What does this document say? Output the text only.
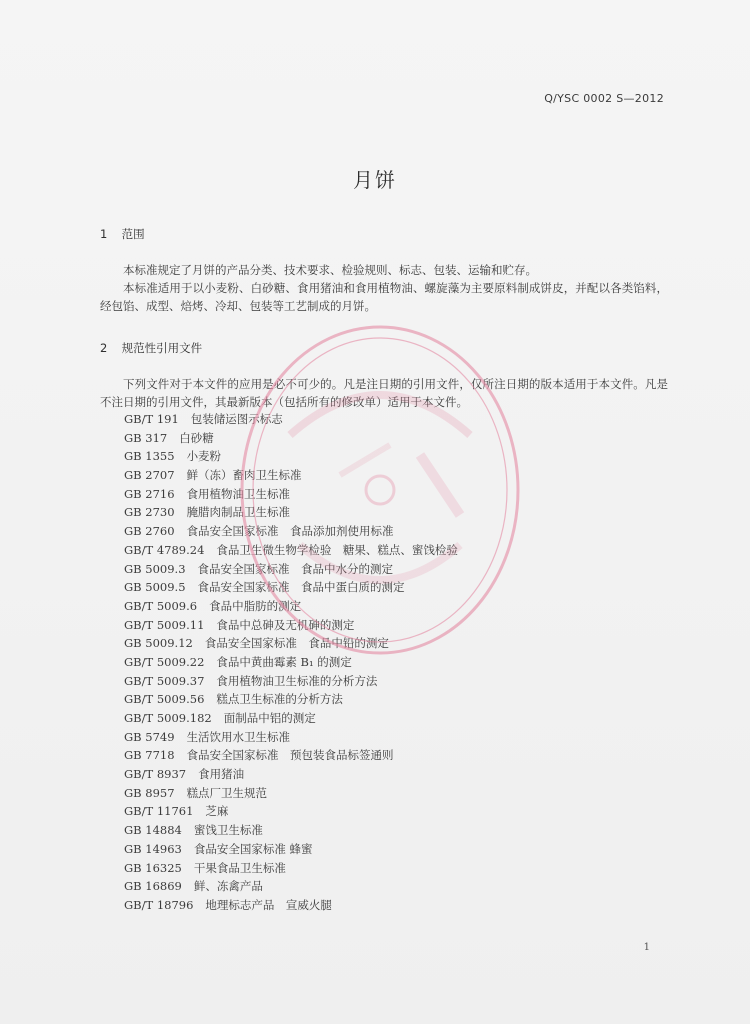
Q/YSC 0002 S—2012
月饼
1 范围
本标准规定了月饼的产品分类、技术要求、检验规则、标志、包装、运输和贮存。
本标准适用于以小麦粉、白砂糖、食用猪油和食用植物油、螺旋藻为主要原料制成饼皮，并配以各类馅料，经包馅、成型、焙烤、冷却、包装等工艺制成的月饼。
2 规范性引用文件
下列文件对于本文件的应用是必不可少的。凡是注日期的引用文件，仅所注日期的版本适用于本文件。凡是不注日期的引用文件，其最新版本（包括所有的修改单）适用于本文件。
GB/T 191 包装储运图示标志
GB 317 白砂糖
GB 1355 小麦粉
GB 2707 鲜（冻）畜肉卫生标准
GB 2716 食用植物油卫生标准
GB 2730 腌腊肉制品卫生标准
GB 2760 食品安全国家标准　食品添加剂使用标准
GB/T 4789.24 食品卫生微生物学检验　糖果、糕点、蜜饯检验
GB 5009.3 食品安全国家标准　食品中水分的测定
GB 5009.5 食品安全国家标准　食品中蛋白质的测定
GB/T 5009.6 食品中脂肪的测定
GB/T 5009.11 食品中总砷及无机砷的测定
GB 5009.12 食品安全国家标准　食品中铅的测定
GB/T 5009.22 食品中黄曲霉素 B₁ 的测定
GB/T 5009.37 食用植物油卫生标准的分析方法
GB/T 5009.56 糕点卫生标准的分析方法
GB/T 5009.182 面制品中铝的测定
GB 5749 生活饮用水卫生标准
GB 7718 食品安全国家标准　预包装食品标签通则
GB/T 8937 食用猪油
GB 8957 糕点厂卫生规范
GB/T 11761 芝麻
GB 14884 蜜饯卫生标准
GB 14963 食品安全国家标准 蜂蜜
GB 16325 干果食品卫生标准
GB 16869 鲜、冻禽产品
GB/T 18796 地理标志产品　宣威火腿
1
